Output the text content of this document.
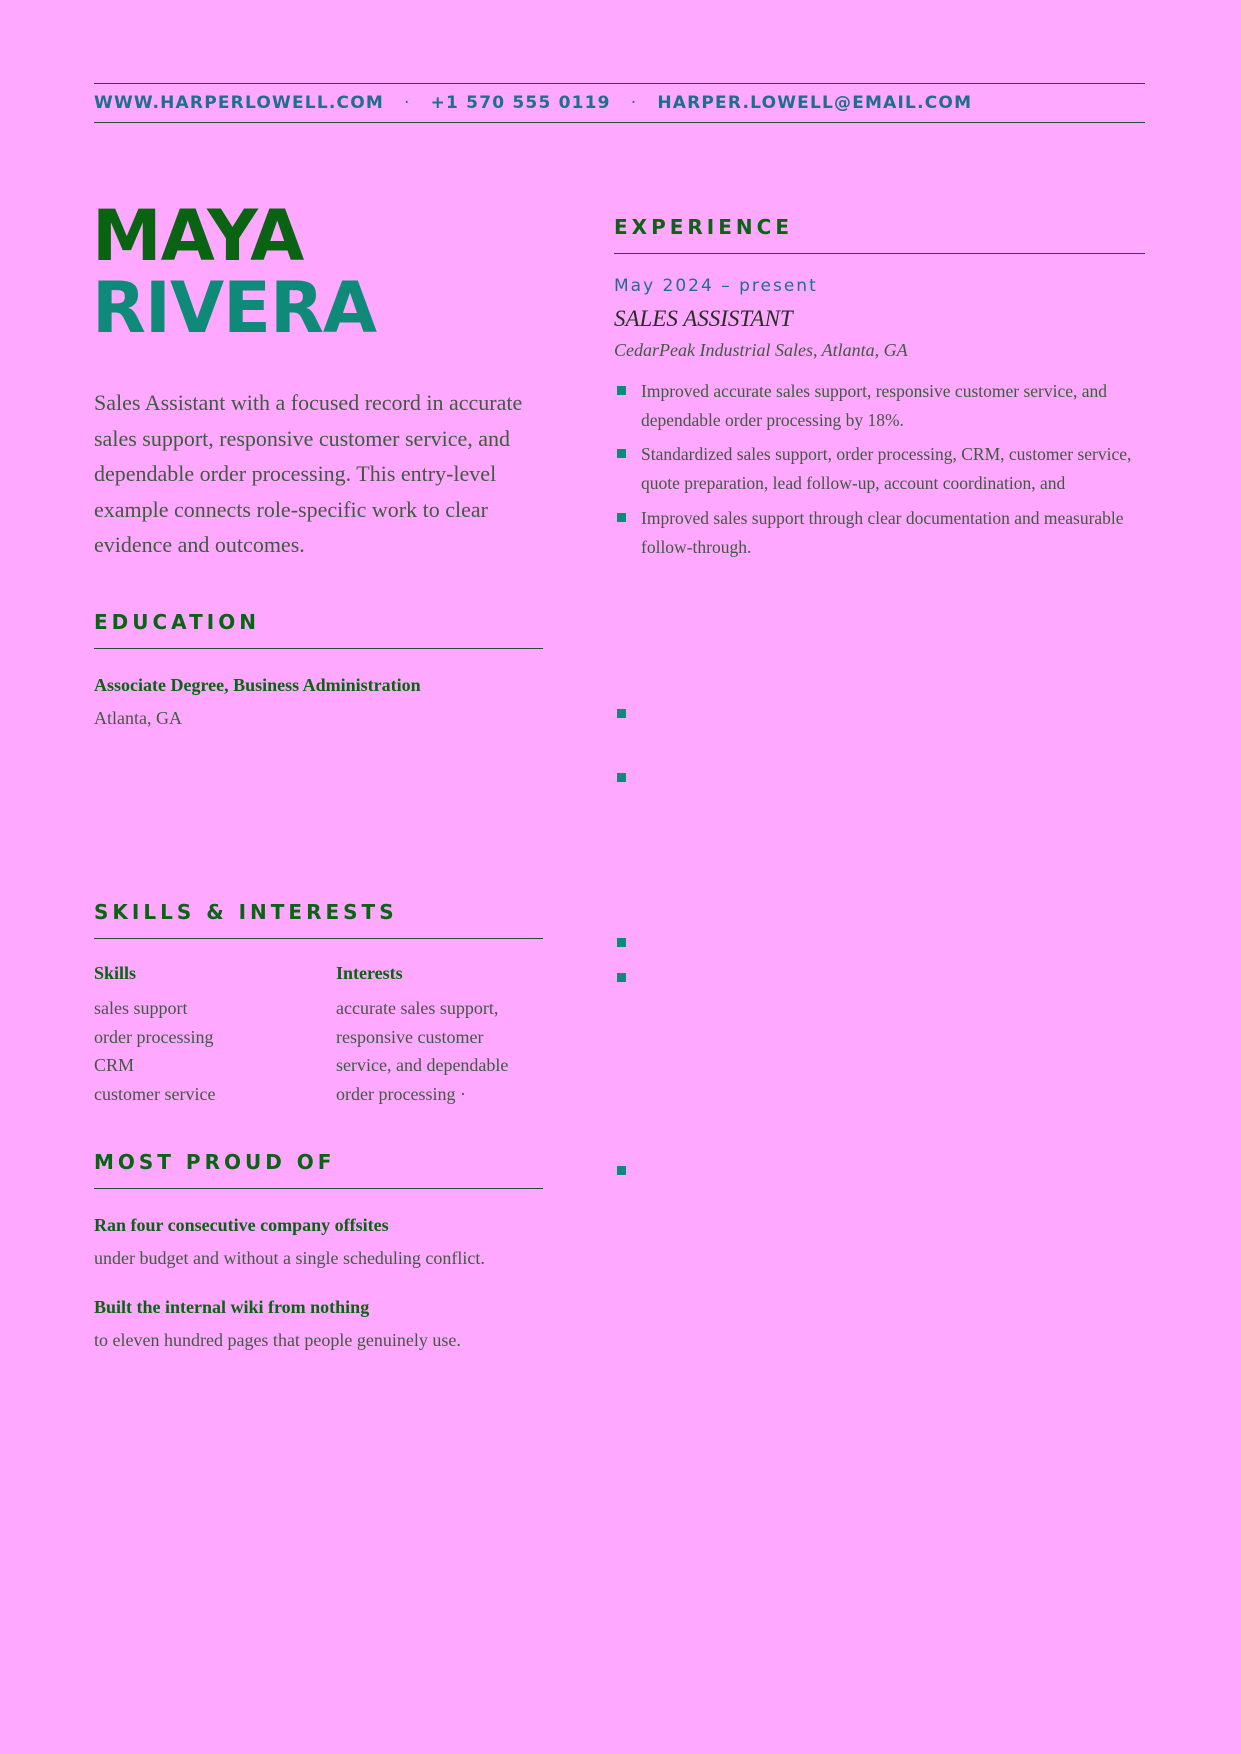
WWW.HARPERLOWELL.COM · +1 570 555 0119 · HARPER.LOWELL@EMAIL.COM
MAYA
RIVERA
Sales Assistant with a focused record in accurate sales support, responsive customer service, and dependable order processing. This entry-level example connects role-specific work to clear evidence and outcomes.
EDUCATION
Associate Degree, Business Administration
Atlanta, GA
SKILLS & INTERESTS
Skills
sales support
order processing
CRM
customer service
Interests
accurate sales support, responsive customer service, and dependable order processing ·
MOST PROUD OF
Ran four consecutive company offsites
under budget and without a single scheduling conflict.
Built the internal wiki from nothing
to eleven hundred pages that people genuinely use.
EXPERIENCE
May 2024 – present
SALES ASSISTANT
CedarPeak Industrial Sales, Atlanta, GA
Improved accurate sales support, responsive customer service, and dependable order processing by 18%.
Standardized sales support, order processing, CRM, customer service, quote preparation, lead follow-up, account coordination, and
Improved sales support through clear documentation and measurable follow-through.
